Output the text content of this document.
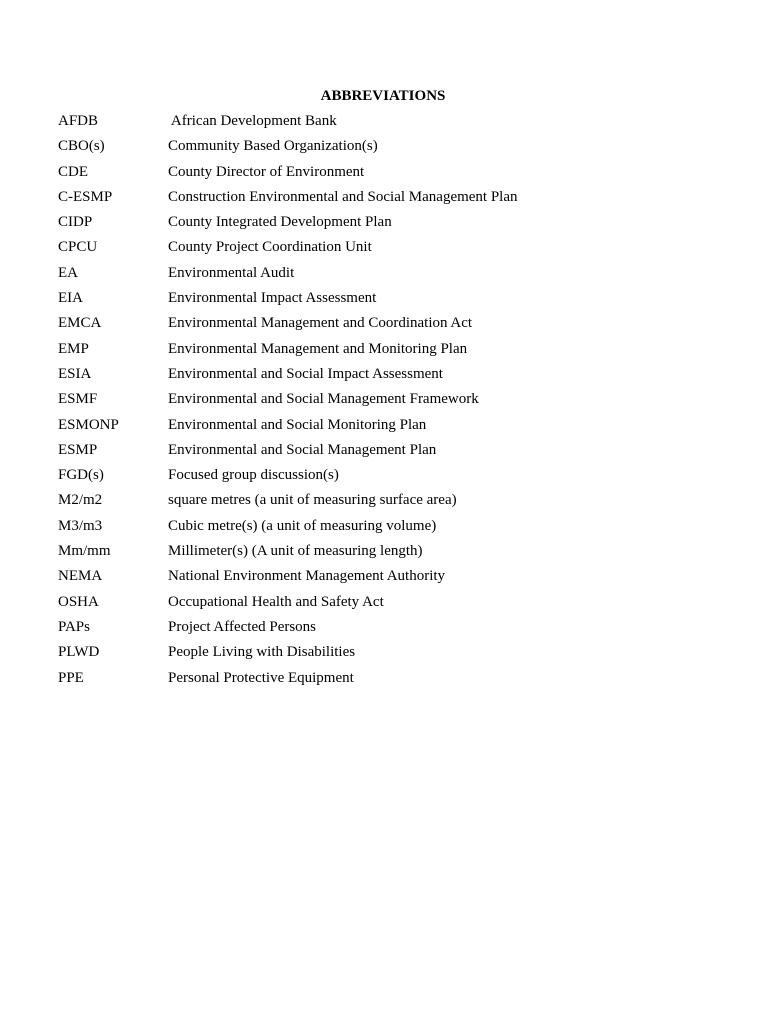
ABBREVIATIONS
AFDB	African Development Bank
CBO(s)	Community Based Organization(s)
CDE	County Director of Environment
C-ESMP	Construction Environmental and Social Management Plan
CIDP	County Integrated Development Plan
CPCU	County Project Coordination Unit
EA	Environmental Audit
EIA	Environmental Impact Assessment
EMCA	Environmental Management and Coordination Act
EMP	Environmental Management and Monitoring Plan
ESIA	Environmental and Social Impact Assessment
ESMF	Environmental and Social Management Framework
ESMONP	Environmental and Social Monitoring Plan
ESMP	Environmental and Social Management Plan
FGD(s)	Focused group discussion(s)
M2/m2	square metres (a unit of measuring surface area)
M3/m3	Cubic metre(s) (a unit of measuring volume)
Mm/mm	Millimeter(s) (A unit of measuring length)
NEMA	National Environment Management Authority
OSHA	Occupational Health and Safety Act
PAPs	Project Affected Persons
PLWD	People Living with Disabilities
PPE	Personal Protective Equipment
